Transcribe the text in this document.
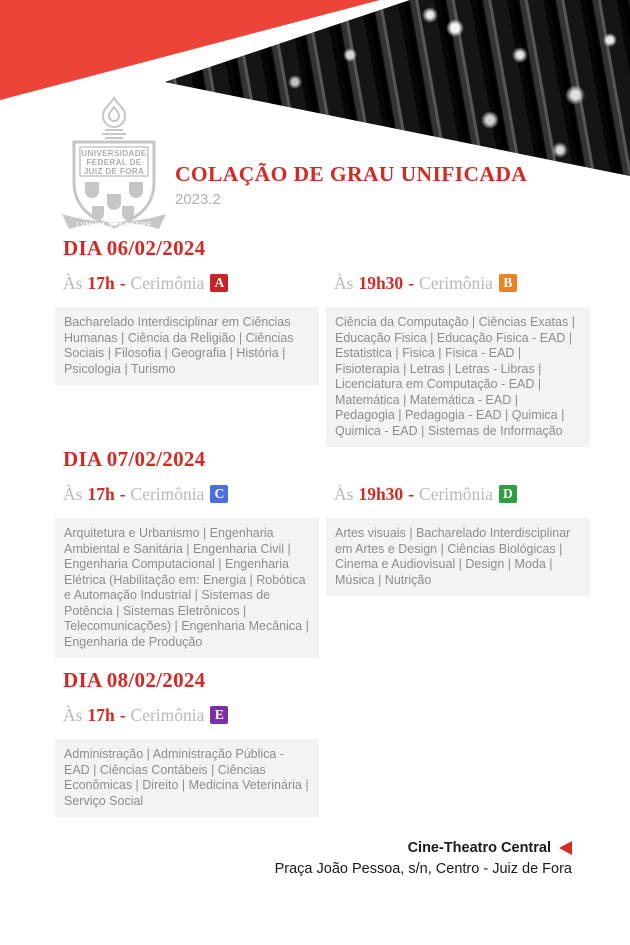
UNIVERSIDADE
FEDERAL DE
JUIZ DE FORA
LVMINA SPARGERE
COLAÇÃO DE GRAU UNIFICADA
2023.2
DIA 06/02/2024
Às 17h - Cerimônia A
Bacharelado Interdisciplinar em Ciências Humanas | Ciência da Religião | Ciências Sociais | Filosofia | Geografia | História | Psicologia | Turismo
Às 19h30 - Cerimônia B
Ciência da Computação | Ciências Exatas | Educação Fisica | Educação Fisica - EAD | Estatistica | Fisica | Fisica - EAD | Fisioterapia | Letras | Letras - Libras | Licenciatura em Computação - EAD | Matemática | Matemática - EAD | Pedagogia | Pedagogia - EAD | Quimica | Quimica - EAD | Sistemas de Informação
DIA 07/02/2024
Às 17h - Cerimônia C
Arquitetura e Urbanismo | Engenharia Ambiental e Sanitária | Engenharia Civil | Engenharia Computacional | Engenharia Elétrica (Habilitação em: Energia | Robótica e Automação Industrial | Sistemas de Potência | Sistemas Eletrônicos | Telecomunicações) | Engenharia Mecânica | Engenharia de Produção
Às 19h30 - Cerimônia D
Artes visuais | Bacharelado Interdisciplinar em Artes e Design | Ciências Biológicas | Cinema e Audiovisual | Design | Moda | Música | Nutrição
DIA 08/02/2024
Às 17h - Cerimônia E
Administração | Administração Pública - EAD | Ciências Contábeis | Ciências Econômicas | Direito | Medicina Veterinária | Serviço Social
Cine-Theatro Central
Praça João Pessoa, s/n, Centro - Juiz de Fora
